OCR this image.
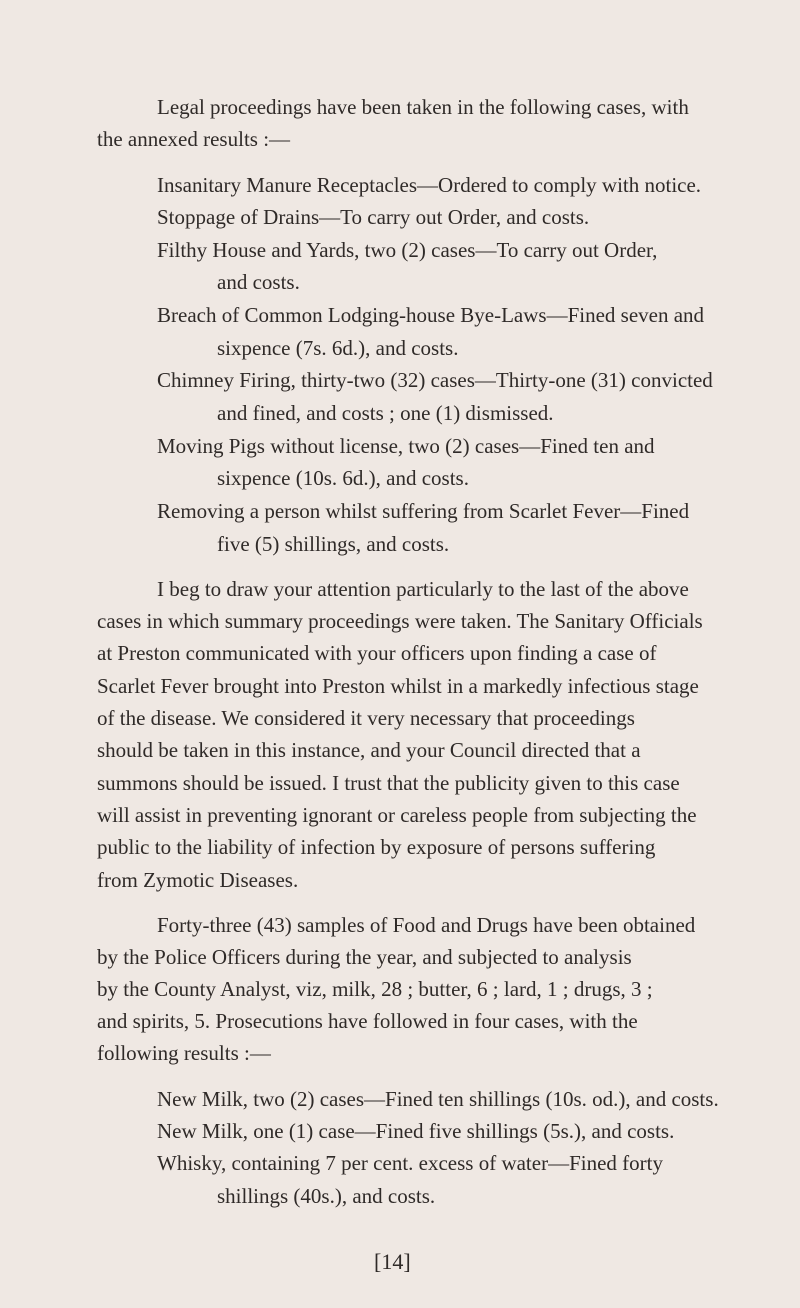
Legal proceedings have been taken in the following cases, with
the annexed results :—
Insanitary Manure Receptacles—Ordered to comply with notice.
Stoppage of Drains—To carry out Order, and costs.
Filthy House and Yards, two (2) cases—To carry out Order,
and costs.
Breach of Common Lodging-house Bye-Laws—Fined seven and
sixpence (7s. 6d.), and costs.
Chimney Firing, thirty-two (32) cases—Thirty-one (31) convicted
and fined, and costs ; one (1) dismissed.
Moving Pigs without license, two (2) cases—Fined ten and
sixpence (10s. 6d.), and costs.
Removing a person whilst suffering from Scarlet Fever—Fined
five (5) shillings, and costs.
I beg to draw your attention particularly to the last of the above
cases in which summary proceedings were taken. The Sanitary Officials
at Preston communicated with your officers upon finding a case of
Scarlet Fever brought into Preston whilst in a markedly infectious stage
of the disease. We considered it very necessary that proceedings
should be taken in this instance, and your Council directed that a
summons should be issued. I trust that the publicity given to this case
will assist in preventing ignorant or careless people from subjecting the
public to the liability of infection by exposure of persons suffering
from Zymotic Diseases.
Forty-three (43) samples of Food and Drugs have been obtained
by the Police Officers during the year, and subjected to analysis
by the County Analyst, viz, milk, 28 ; butter, 6 ; lard, 1 ; drugs, 3 ;
and spirits, 5. Prosecutions have followed in four cases, with the
following results :—
New Milk, two (2) cases—Fined ten shillings (10s. od.), and costs.
New Milk, one (1) case—Fined five shillings (5s.), and costs.
Whisky, containing 7 per cent. excess of water—Fined forty
shillings (40s.), and costs.
[14]
